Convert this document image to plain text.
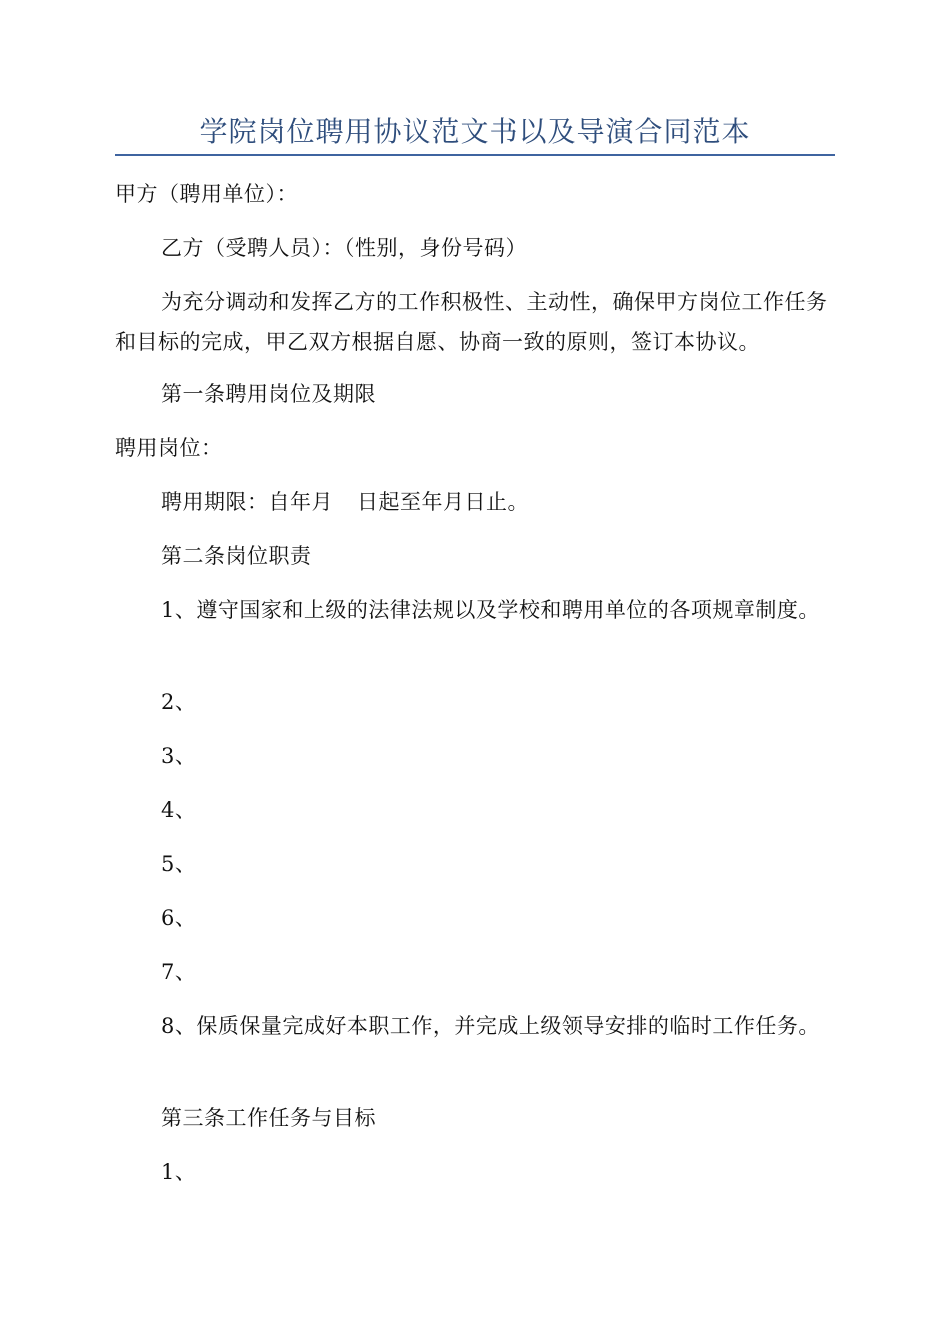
学院岗位聘用协议范文书以及导演合同范本

甲方（聘用单位）：

乙方（受聘人员）：（性别，身份号码）

为充分调动和发挥乙方的工作积极性、主动性，确保甲方岗位工作任务和目标的完成，甲乙双方根据自愿、协商一致的原则，签订本协议。

第一条聘用岗位及期限

聘用岗位：

聘用期限：自年月 日起至年月日止。

第二条岗位职责

1、遵守国家和上级的法律法规以及学校和聘用单位的各项规章制度。

2、

3、

4、

5、

6、

7、

8、保质保量完成好本职工作，并完成上级领导安排的临时工作任务。

第三条工作任务与目标

1、
